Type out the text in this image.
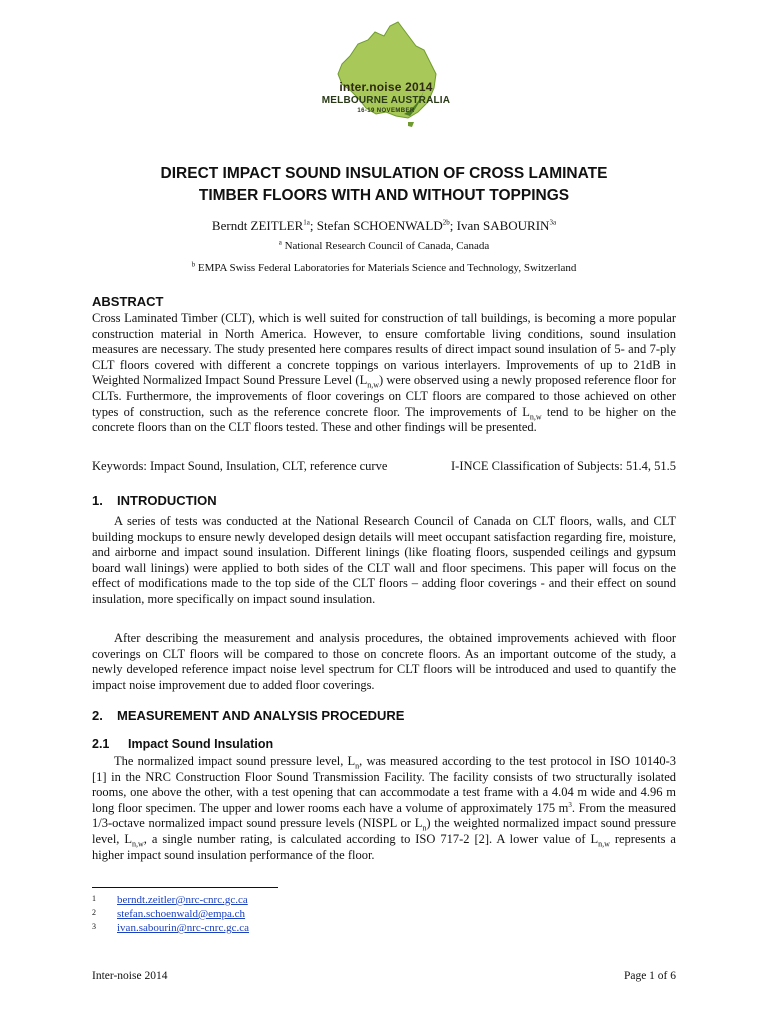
inter.noise 2014
MELBOURNE AUSTRALIA
16-19 NOVEMBER
DIRECT IMPACT SOUND INSULATION OF CROSS LAMINATE
TIMBER FLOORS WITH AND WITHOUT TOPPINGS
Berndt $ZEITLER^{1a}$; Stefan $SCHOENWALD^{2b}$; Ivan $SABOURIN^{3a}$
$^a$ National Research Council of Canada, Canada
$^b$ EMPA Swiss Federal Laboratories for Materials Science and Technology, Switzerland
ABSTRACT
Cross Laminated Timber (CLT), which is well suited for construction of tall buildings, is becoming a more popular construction material in North America. However, to ensure comfortable living conditions, sound insulation measures are necessary. The study presented here compares results of direct impact sound insulation of 5- and 7-ply CLT floors covered with different a concrete toppings on various interlayers. Improvements of up to 21dB in Weighted Normalized Impact Sound Pressure Level $(L_{n,w})$ were observed using a newly proposed reference floor for CLTs. Furthermore, the improvements of floor coverings on CLT floors are compared to those achieved on other types of construction, such as the reference concrete floor. The improvements of $L_{n,w}$ tend to be higher on the concrete floors than on the CLT floors tested. These and other findings will be presented.
Keywords: Impact Sound, Insulation, CLT, reference curve	I-INCE Classification of Subjects: 51.4, 51.5
1. INTRODUCTION
A series of tests was conducted at the National Research Council of Canada on CLT floors, walls, and CLT building mockups to ensure newly developed design details will meet occupant satisfaction regarding fire, moisture, and airborne and impact sound insulation. Different linings (like floating floors, suspended ceilings and gypsum board wall linings) were applied to both sides of the CLT wall and floor specimens. This paper will focus on the effect of modifications made to the top side of the CLT floors – adding floor coverings - and their effect on sound insulation, more specifically on impact sound insulation.
After describing the measurement and analysis procedures, the obtained improvements achieved with floor coverings on CLT floors will be compared to those on concrete floors. As an important outcome of the study, a newly developed reference impact noise level spectrum for CLT floors will be introduced and used to quantify the impact noise improvement due to added floor coverings.
2. MEASUREMENT AND ANALYSIS PROCEDURE
2.1 Impact Sound Insulation
The normalized impact sound pressure level, $L_n$, was measured according to the test protocol in ISO 10140-3 [1] in the NRC Construction Floor Sound Transmission Facility. The facility consists of two structurally isolated rooms, one above the other, with a test opening that can accommodate a test frame with a 4.04 m wide and 4.96 m long floor specimen. The upper and lower rooms each have a volume of approximately 175 $m^3$. From the measured 1/3-octave normalized impact sound pressure levels (NISPL or $L_n$) the weighted normalized impact sound pressure level, $L_{n,w}$, a single number rating, is calculated according to ISO 717-2 [2]. A lower value of $L_{n,w}$ represents a higher impact sound insulation performance of the floor.
1 berndt.zeitler@nrc-cnrc.gc.ca
2 stefan.schoenwald@empa.ch
3 ivan.sabourin@nrc-cnrc.gc.ca
Inter-noise 2014	Page 1 of 6
